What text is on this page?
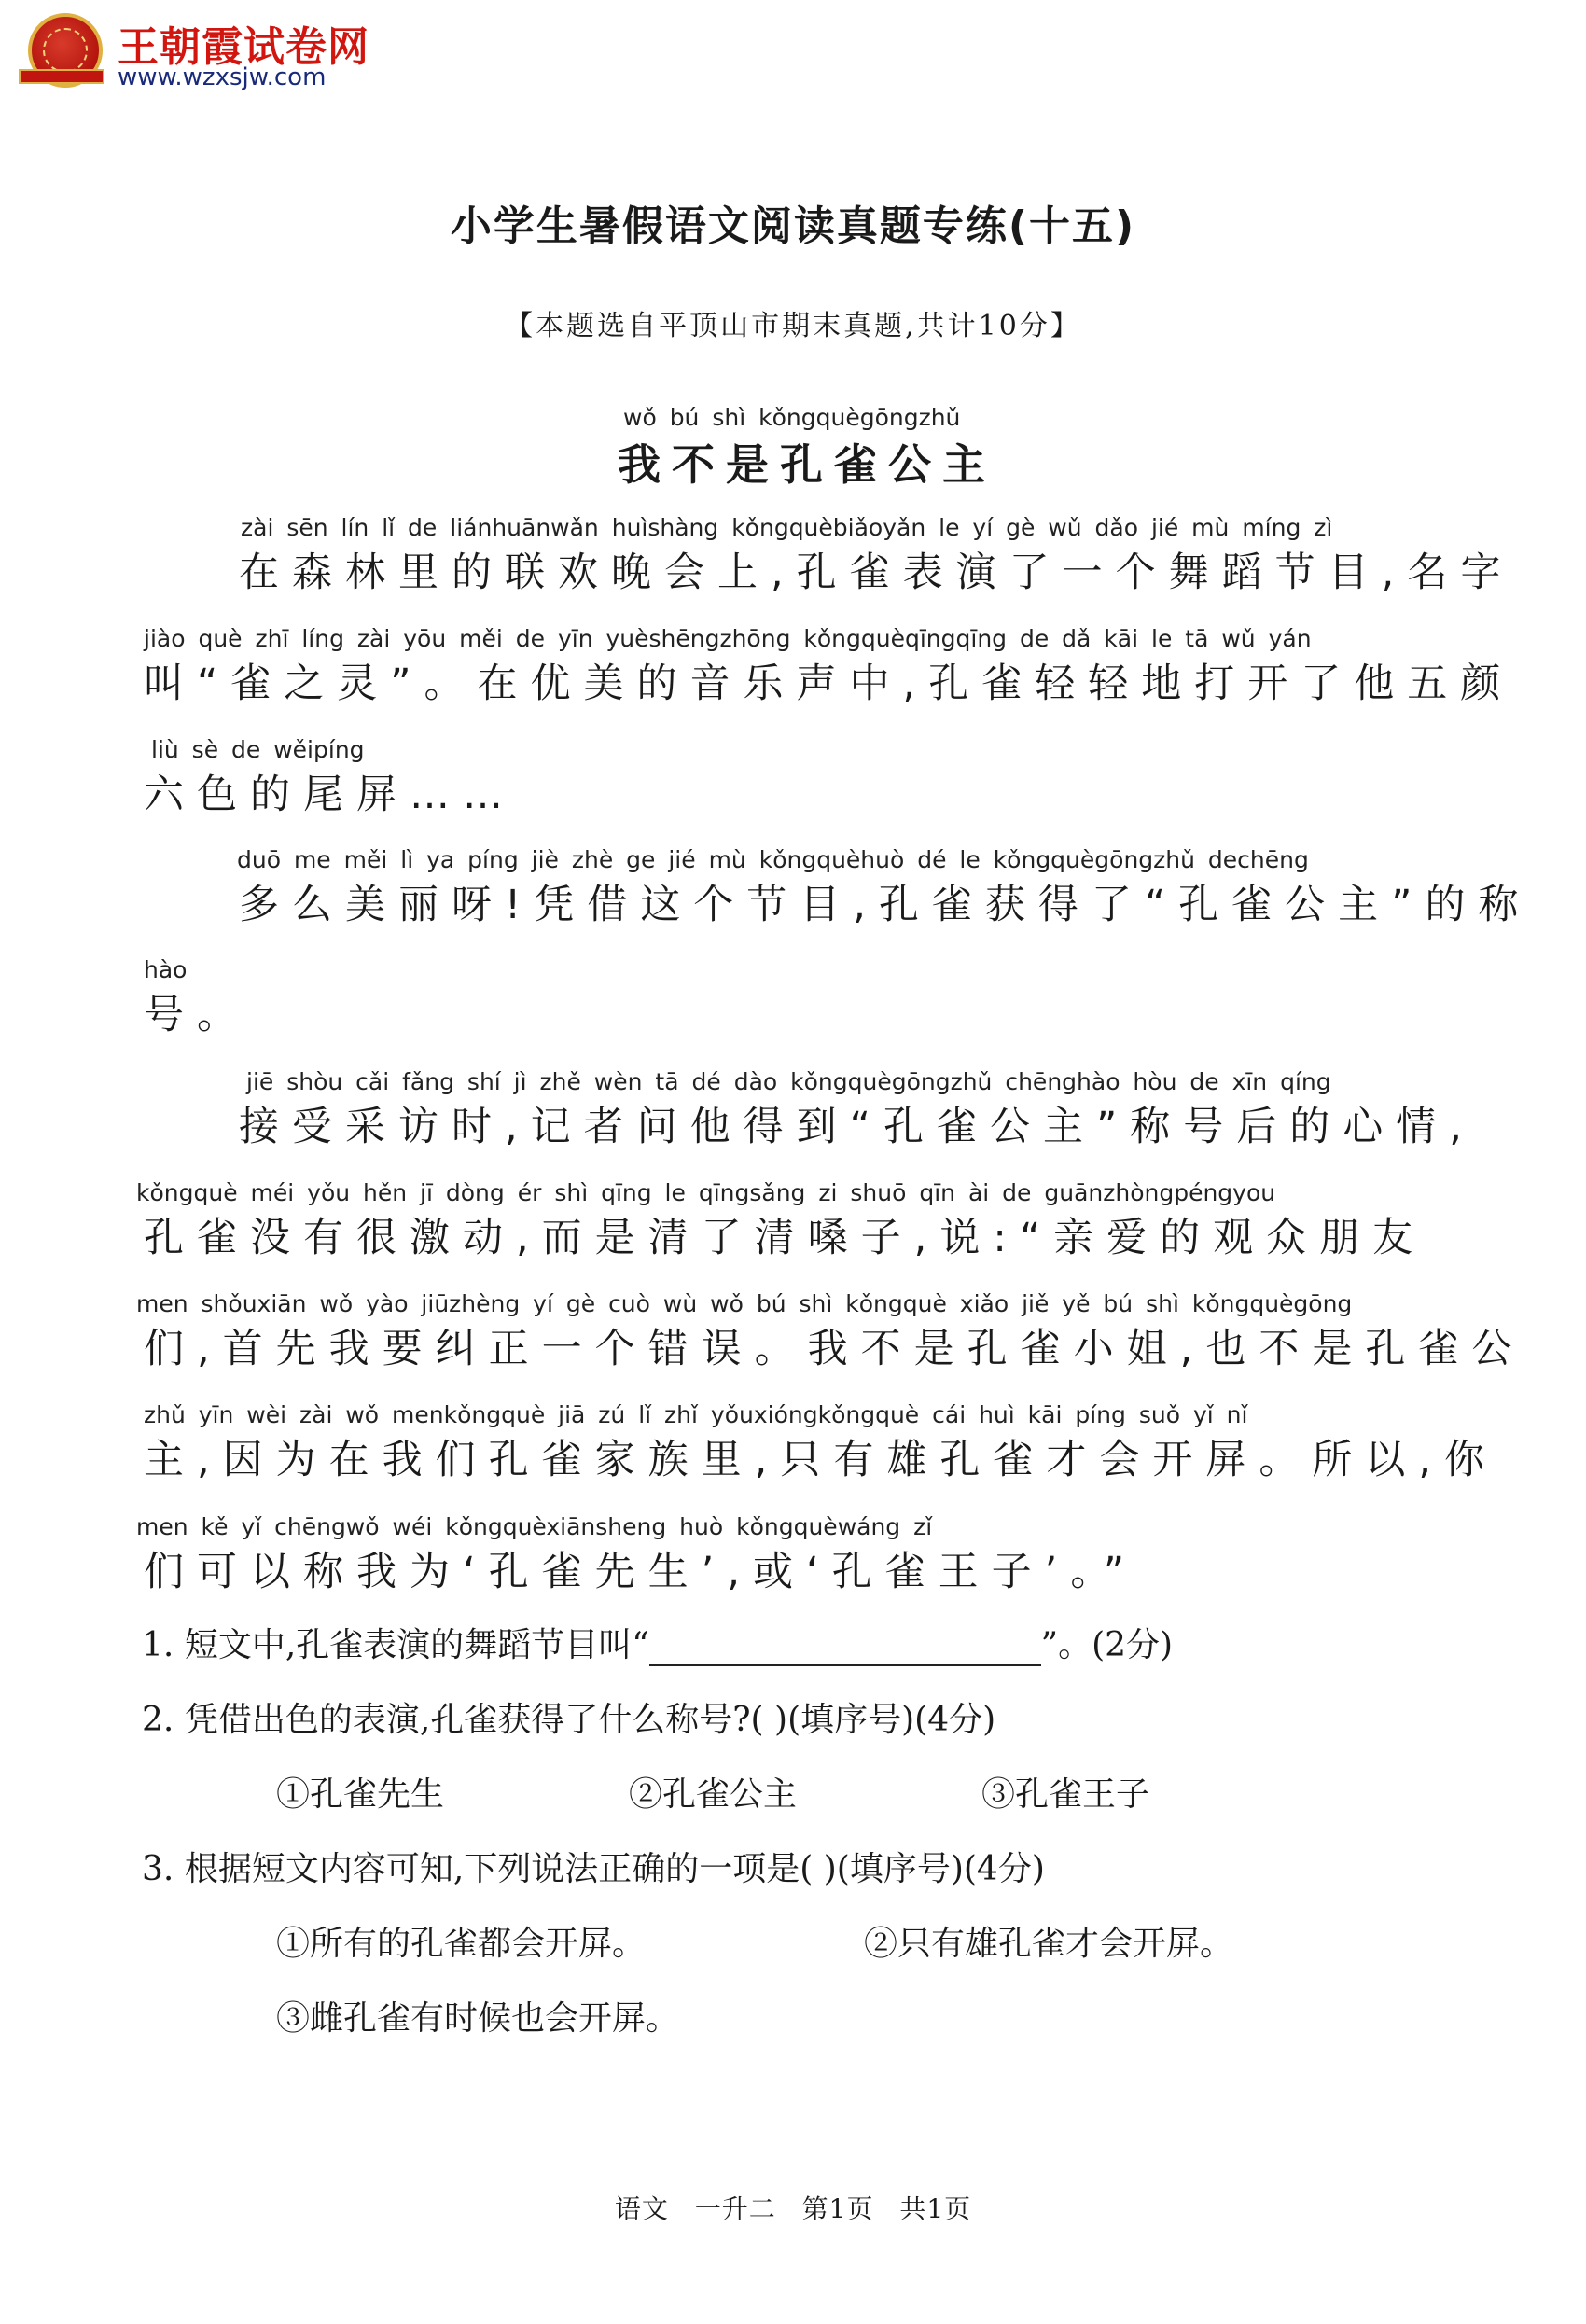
王朝霞试卷网
www.wzxsjw.com
小学生暑假语文阅读真题专练(十五)
【本题选自平顶山市期末真题,共计10分】
wǒ bú shì kǒngquègōngzhǔ
我不是孔雀公主
zài sēn lín lǐ de liánhuānwǎn huìshàng kǒngquèbiǎoyǎn le yí gè wǔ dǎo jié mù míng zì
在森林里的联欢晚会上,孔雀表演了一个舞蹈节目,名字
jiào què zhī líng zài yōu měi de yīn yuèshēngzhōng kǒngquèqīngqīng de dǎ kāi le tā wǔ yán
叫“雀之灵”。在优美的音乐声中,孔雀轻轻地打开了他五颜
liù sè de wěipíng
六色的尾屏……
duō me měi lì ya píng jiè zhè ge jié mù kǒngquèhuò dé le kǒngquègōngzhǔ dechēng
多么美丽呀!凭借这个节目,孔雀获得了“孔雀公主”的称
hào
号。
jiē shòu cǎi fǎng shí jì zhě wèn tā dé dào kǒngquègōngzhǔ chēnghào hòu de xīn qíng
接受采访时,记者问他得到“孔雀公主”称号后的心情,
kǒngquè méi yǒu hěn jī dòng ér shì qīng le qīngsǎng zi shuō qīn ài de guānzhòngpéngyou
孔雀没有很激动,而是清了清嗓子,说:“亲爱的观众朋友
men shǒuxiān wǒ yào jiūzhèng yí gè cuò wù wǒ bú shì kǒngquè xiǎo jiě yě bú shì kǒngquègōng
们,首先我要纠正一个错误。我不是孔雀小姐,也不是孔雀公
zhǔ yīn wèi zài wǒ menkǒngquè jiā zú lǐ zhǐ yǒuxióngkǒngquè cái huì kāi píng suǒ yǐ nǐ
主,因为在我们孔雀家族里,只有雄孔雀才会开屏。所以,你
men kě yǐ chēngwǒ wéi kǒngquèxiānsheng huò kǒngquèwáng zǐ
们可以称我为‘孔雀先生’,或‘孔雀王子’。”
1. 短文中,孔雀表演的舞蹈节目叫“	”。(2分)
2. 凭借出色的表演,孔雀获得了什么称号?( )(填序号)(4分)
①孔雀先生	②孔雀公主	③孔雀王子
3. 根据短文内容可知,下列说法正确的一项是( )(填序号)(4分)
①所有的孔雀都会开屏。	②只有雄孔雀才会开屏。
③雌孔雀有时候也会开屏。
语文 一升二 第1页 共1页
